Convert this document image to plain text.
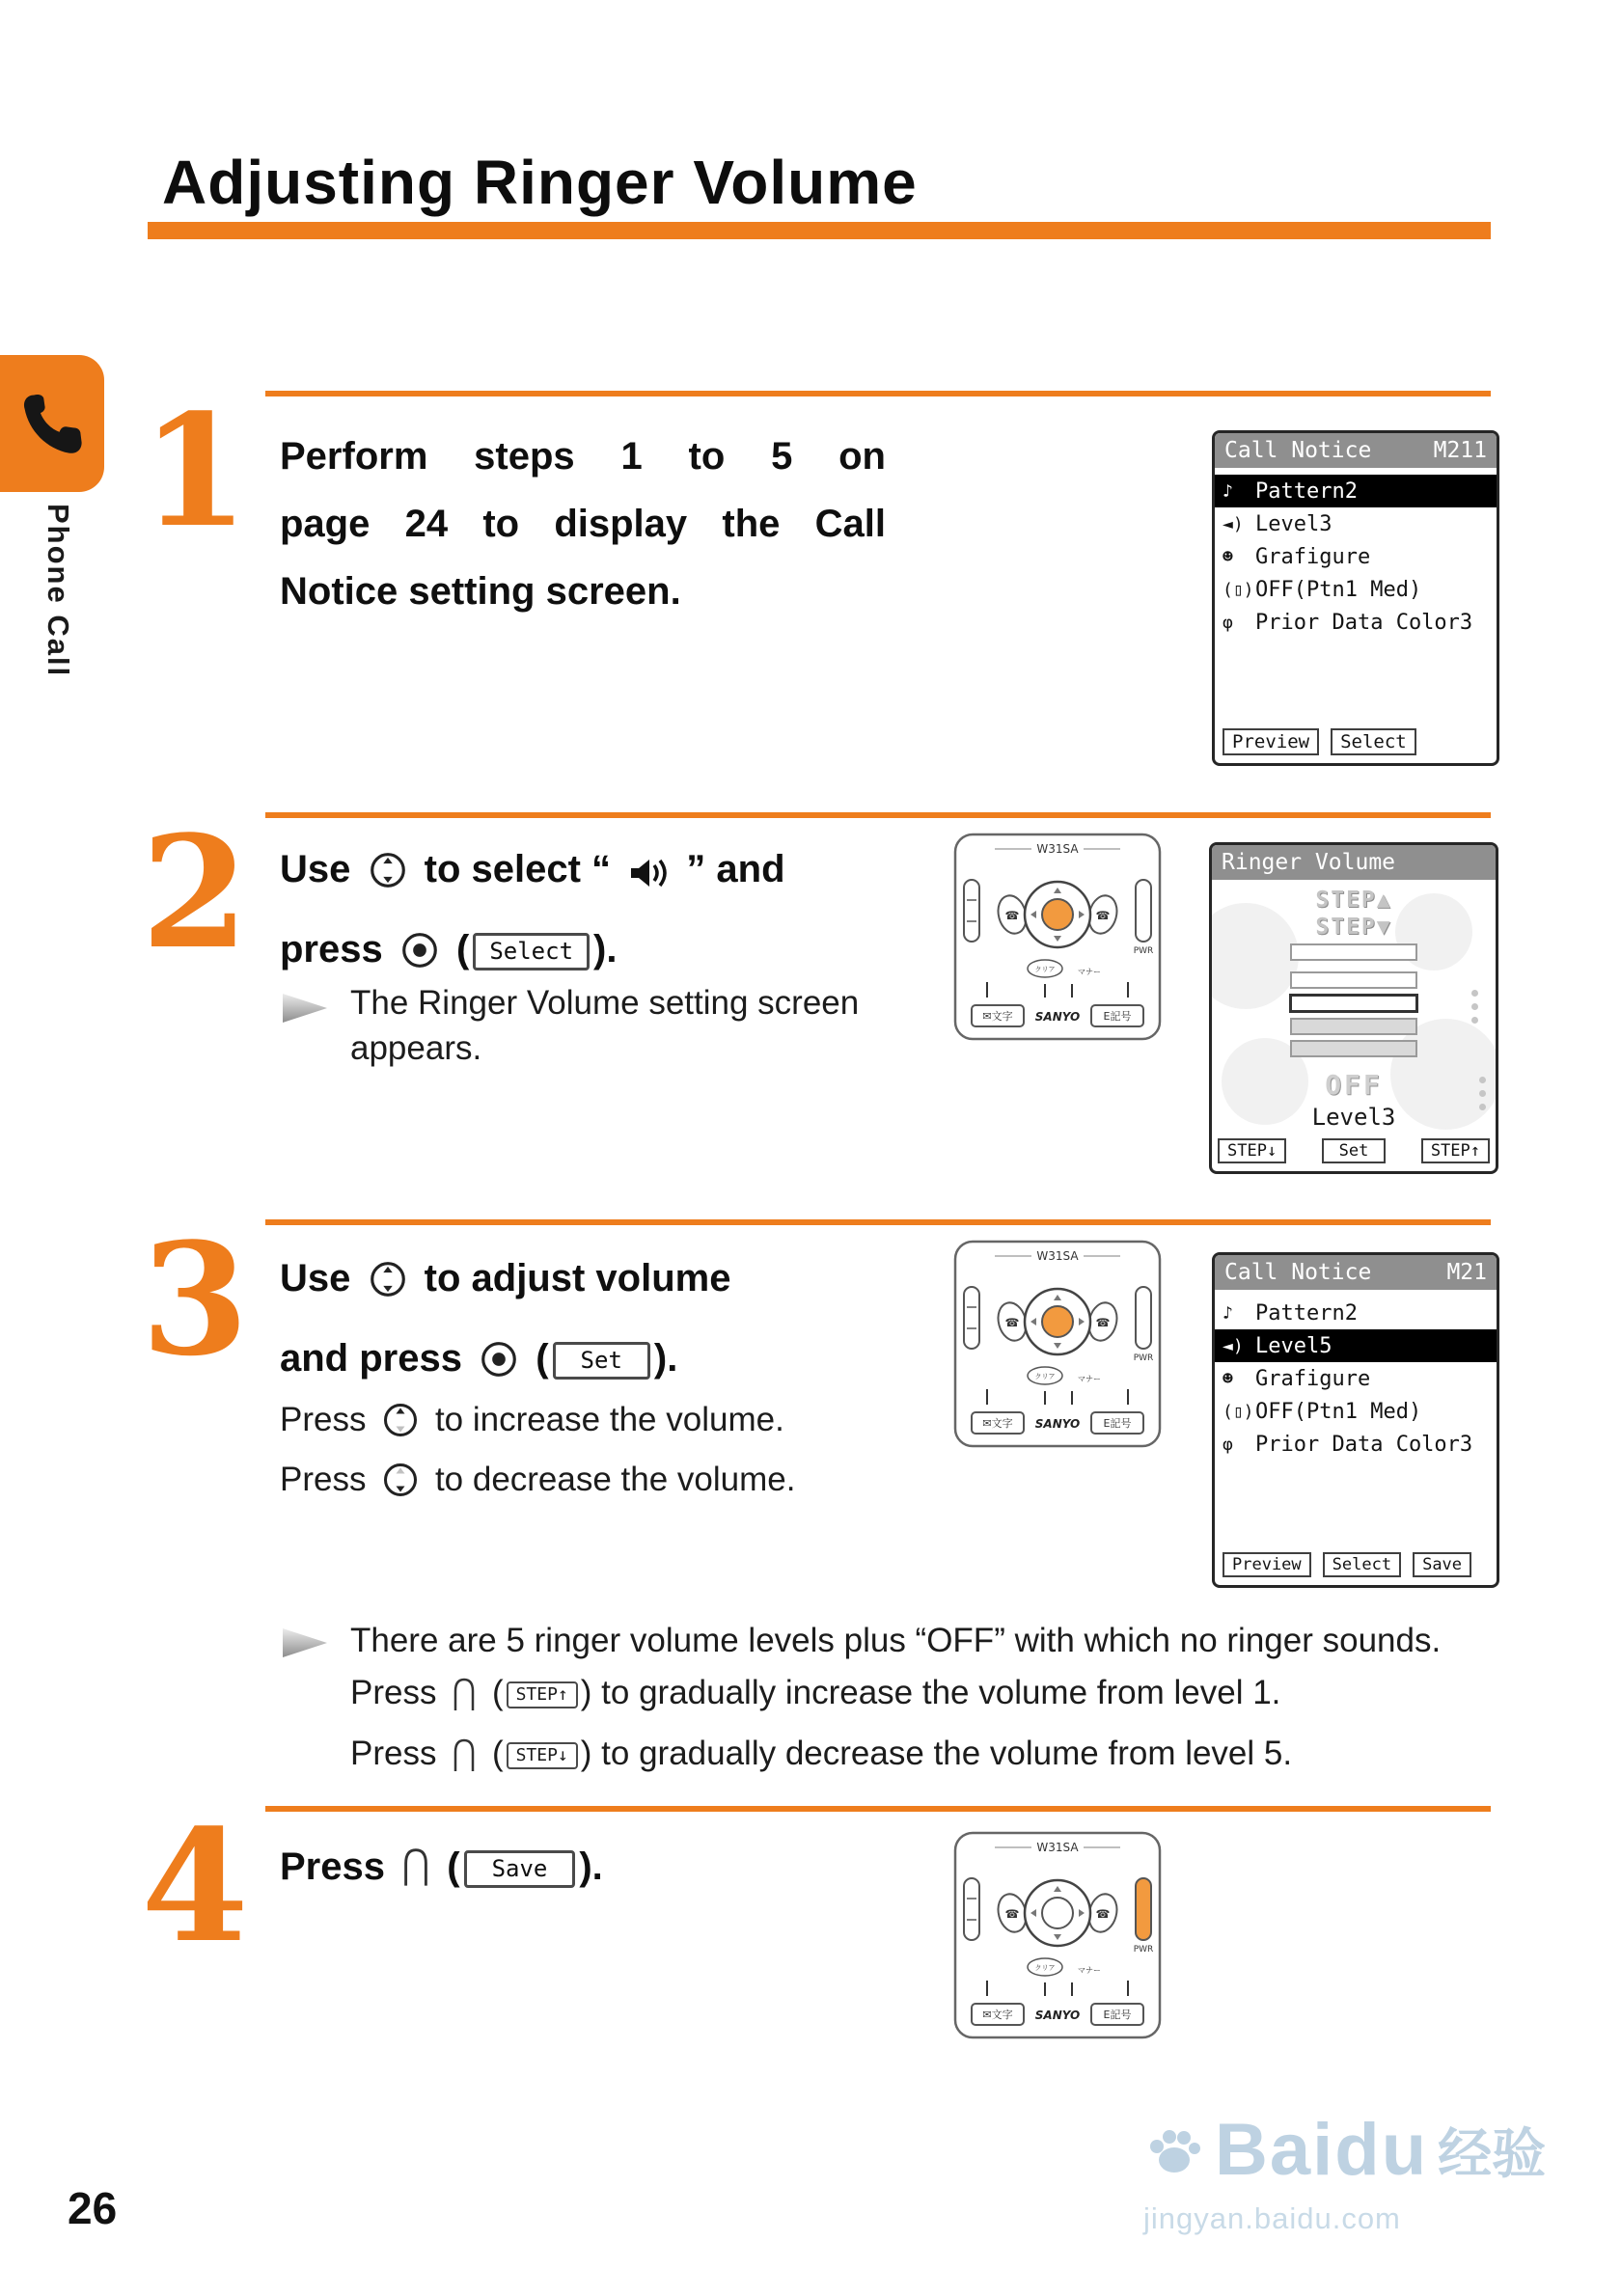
Adjusting Ringer Volume
Phone Call
1 Perform steps 1 to 5 on
page 24 to display the Call
Notice setting screen.
Call Notice	M211
♪	Pattern2
◄) Level3
☻	Grafigure
(▯) OFF(Ptn1 Med)
φ	Prior Data Color3
Preview	Select
2 Use to select “ ” and
press ( Select ).
The Ringer Volume setting screen
appears.
W31SA
PWR
☎	☎
クリア	マナー
✉文字 SANYO E記号
Ringer Volume
STEP▲
STEP▼
OFF
Level3
STEP↓	Set	STEP↑
3 Use to adjust volume
and press ( Set ).
Press to increase the volume.
Press to decrease the volume.
W31SA
PWR
☎	☎
クリア	マナー
✉文字 SANYO E記号
Call Notice	M21
♪	Pattern2
◄) Level5
☻	Grafigure
(▯) OFF(Ptn1 Med)
φ	Prior Data Color3
Preview	Select	Save
There are 5 ringer volume levels plus “OFF” with which no ringer sounds.
Press ( STEP↑ ) to gradually increase the volume from level 1.
Press ( STEP↓ ) to gradually decrease the volume from level 5.
4 Press ( Save ).	W31SA
PWR
☎	☎
クリア	マナー
✉文字 SANYO E記号
26
Baidu 经验
jingyan.baidu.com
